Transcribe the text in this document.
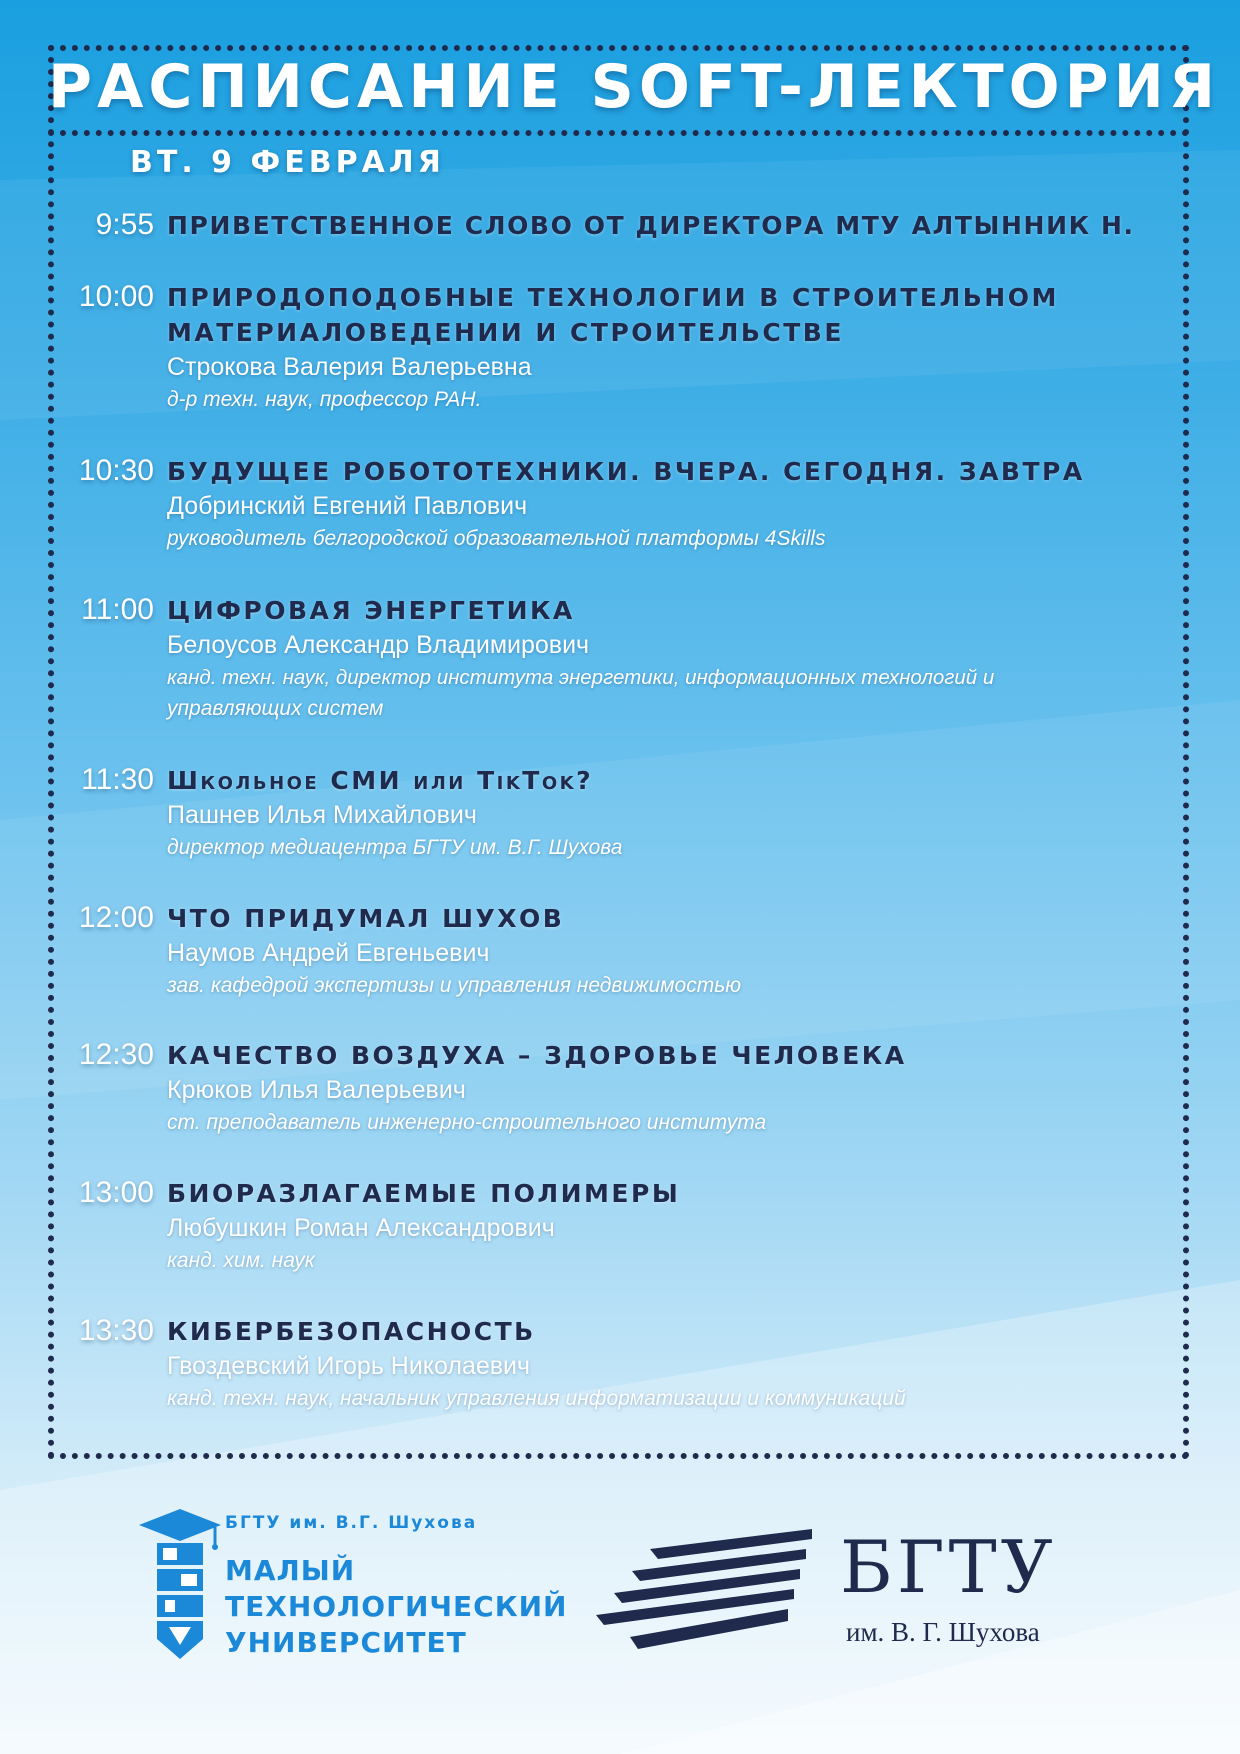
РАСПИСАНИЕ SOFT-ЛЕКТОРИЯ
ВТ. 9 ФЕВРАЛЯ
9:55 ПРИВЕТСТВЕННОЕ СЛОВО ОТ ДИРЕКТОРА МТУ АЛТЫННИК Н.
10:00 ПРИРОДОПОДОБНЫЕ ТЕХНОЛОГИИ В СТРОИТЕЛЬНОМ
МАТЕРИАЛОВЕДЕНИИ И СТРОИТЕЛЬСТВЕ
Строкова Валерия Валерьевна
д-р техн. наук, профессор РАН.
10:30 БУДУЩЕЕ РОБОТОТЕХНИКИ. ВЧЕРА. СЕГОДНЯ. ЗАВТРА
Добринский Евгений Павлович
руководитель белгородской образовательной платформы 4Skills
11:00 ЦИФРОВАЯ ЭНЕРГЕТИКА
Белоусов Александр Владимирович
канд. техн. наук, директор института энергетики, информационных технологий и
управляющих систем
11:30 Школьное СМИ или TikTok?
Пашнев Илья Михайлович
директор медиацентра БГТУ им. В.Г. Шухова
12:00 ЧТО ПРИДУМАЛ ШУХОВ
Наумов Андрей Евгеньевич
зав. кафедрой экспертизы и управления недвижимостью
12:30 КАЧЕСТВО ВОЗДУХА – ЗДОРОВЬЕ ЧЕЛОВЕКА
Крюков Илья Валерьевич
ст. преподаватель инженерно-строительного института
13:00 БИОРАЗЛАГАЕМЫЕ ПОЛИМЕРЫ
Любушкин Роман Александрович
канд. хим. наук
13:30 КИБЕРБЕЗОПАСНОСТЬ
Гвоздевский Игорь Николаевич
канд. техн. наук, начальник управления информатизации и коммуникаций
БГТУ им. В.Г. Шухова
МАЛЫЙ
ТЕХНОЛОГИЧЕСКИЙ
УНИВЕРСИТЕТ
БГТУ
им. В. Г. Шухова
